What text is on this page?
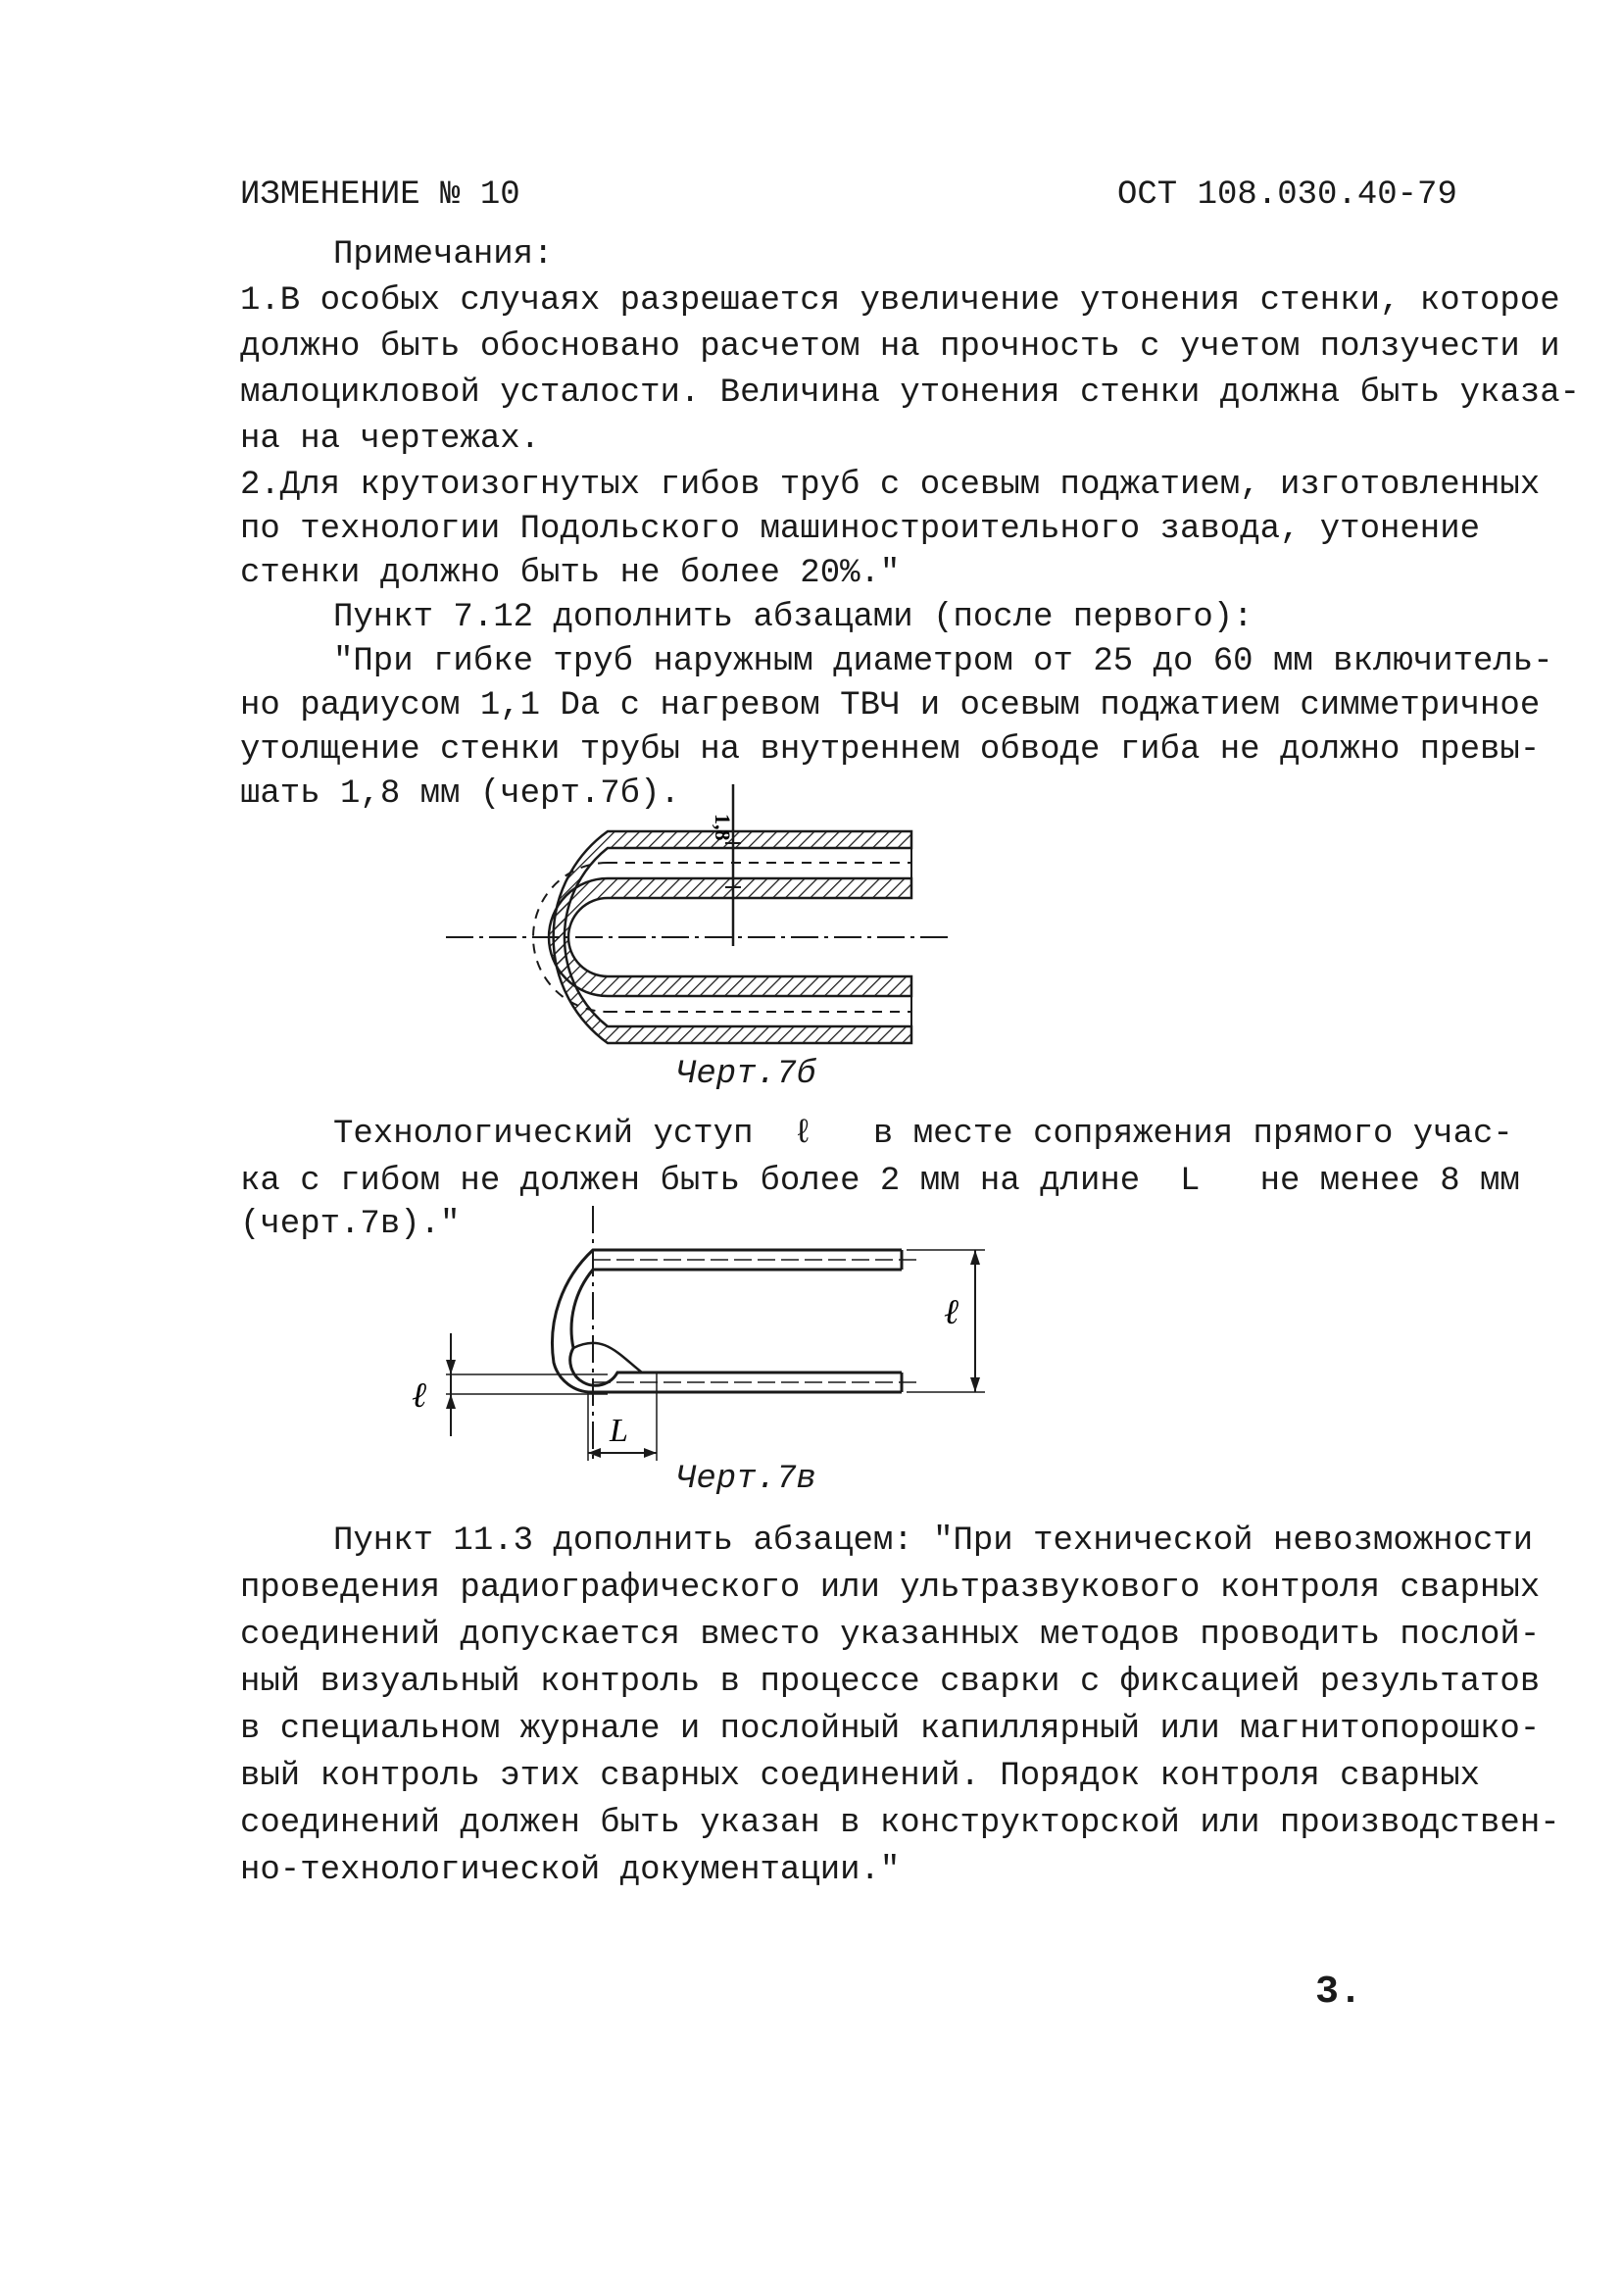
ИЗМЕНЕНИЕ № 10	ОСТ 108.030.40-79
Примечания:
1.В особых случаях разрешается увеличение утонения стенки, которое
должно быть обосновано расчетом на прочность с учетом ползучести и
малоцикловой усталости. Величина утонения стенки должна быть указа-
на на чертежах.
2.Для крутоизогнутых гибов труб с осевым поджатием, изготовленных
по технологии Подольского машиностроительного завода, утонение
стенки должно быть не более 20%."
Пункт 7.12 дополнить абзацами (после первого):
"При гибке труб наружным диаметром от 25 до 60 мм включитель-
но радиусом 1,1 Dа с нагревом ТВЧ и осевым поджатием симметричное
утолщение стенки трубы на внутреннем обводе гиба не должно превы-
шать 1,8 мм (черт.7б).
1,8
Черт.7б
Технологический уступ  ℓ   в месте сопряжения прямого учас-
ка с гибом не должен быть более 2 мм на длине  L   не менее 8 мм
(черт.7в)."
ℓ
ℓ
L
Черт.7в
Пункт 11.3 дополнить абзацем: "При технической невозможности
проведения радиографического или ультразвукового контроля сварных
соединений допускается вместо указанных методов проводить послой-
ный визуальный контроль в процессе сварки с фиксацией результатов
в специальном журнале и послойный капиллярный или магнитопорошко-
вый контроль этих сварных соединений. Порядок контроля сварных
соединений должен быть указан в конструкторской или производствен-
но-технологической документации."
3.
